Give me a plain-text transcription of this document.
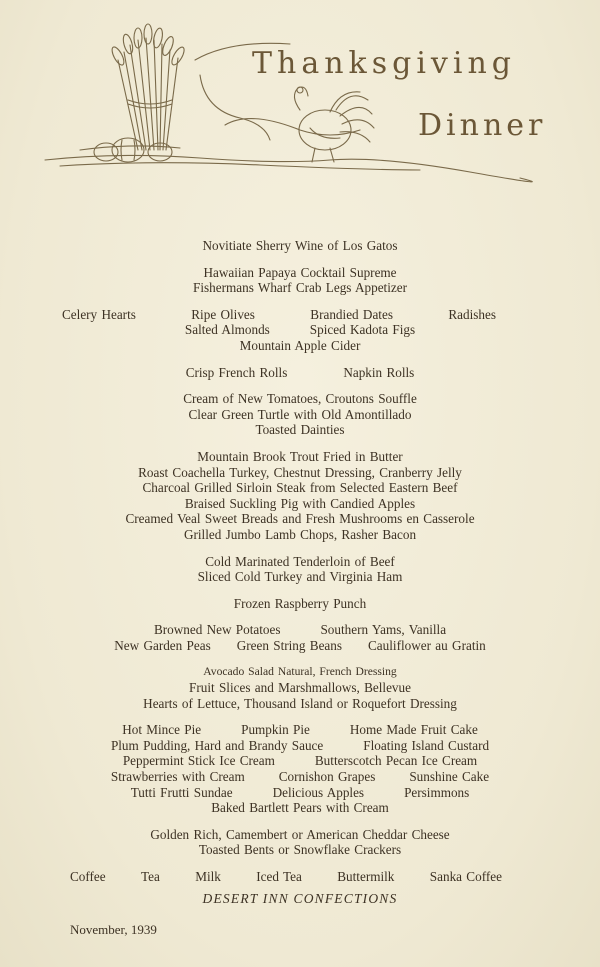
Thanksgiving
Dinner
Novitiate Sherry Wine of Los Gatos
Hawaiian Papaya Cocktail Supreme
Fishermans Wharf Crab Legs Appetizer
Celery Hearts	Ripe Olives	Brandied Dates	Radishes
Salted Almonds	Spiced Kadota Figs
Mountain Apple Cider
Crisp French Rolls	Napkin Rolls
Cream of New Tomatoes, Croutons Souffle
Clear Green Turtle with Old Amontillado
Toasted Dainties
Mountain Brook Trout Fried in Butter
Roast Coachella Turkey, Chestnut Dressing, Cranberry Jelly
Charcoal Grilled Sirloin Steak from Selected Eastern Beef
Braised Suckling Pig with Candied Apples
Creamed Veal Sweet Breads and Fresh Mushrooms en Casserole
Grilled Jumbo Lamb Chops, Rasher Bacon
Cold Marinated Tenderloin of Beef
Sliced Cold Turkey and Virginia Ham
Frozen Raspberry Punch
Browned New Potatoes	Southern Yams, Vanilla
New Garden Peas Green String Beans Cauliflower au Gratin
Avocado Salad Natural, French Dressing
Fruit Slices and Marshmallows, Bellevue
Hearts of Lettuce, Thousand Island or Roquefort Dressing
Hot Mince Pie	Pumpkin Pie	Home Made Fruit Cake
Plum Pudding, Hard and Brandy Sauce	Floating Island Custard
Peppermint Stick Ice Cream	Butterscotch Pecan Ice Cream
Strawberries with Cream	Cornishon Grapes	Sunshine Cake
Tutti Frutti Sundae	Delicious Apples	Persimmons
Baked Bartlett Pears with Cream
Golden Rich, Camembert or American Cheddar Cheese
Toasted Bents or Snowflake Crackers
Coffee	Tea	Milk	Iced Tea	Buttermilk	Sanka Coffee
DESERT INN CONFECTIONS
November, 1939
